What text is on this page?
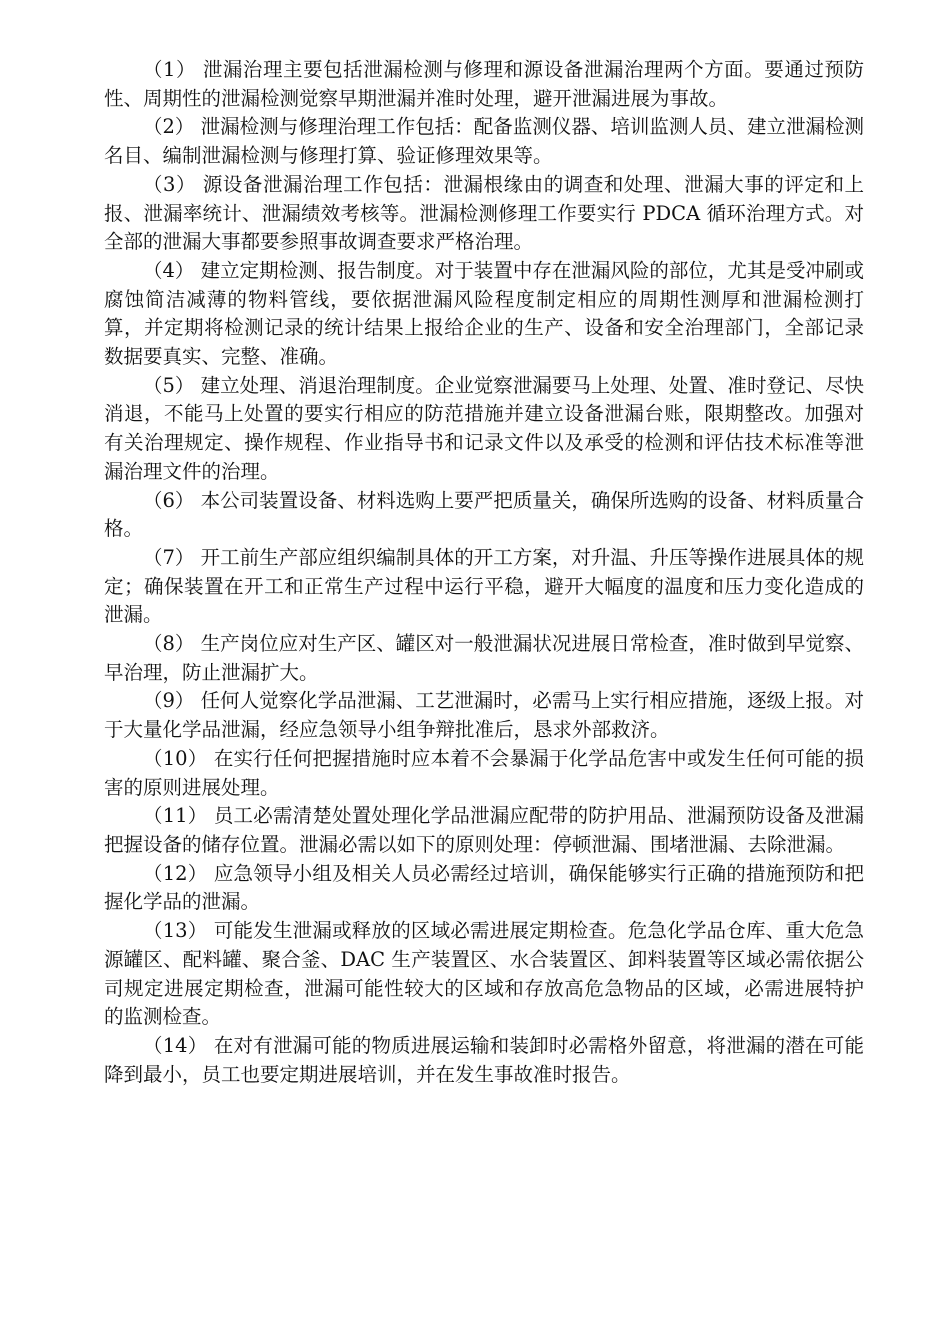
（1） 泄漏治理主要包括泄漏检测与修理和源设备泄漏治理两个方面。要通过预防性、周期性的泄漏检测觉察早期泄漏并准时处理，避开泄漏进展为事故。

（2） 泄漏检测与修理治理工作包括：配备监测仪器、培训监测人员、建立泄漏检测名目、编制泄漏检测与修理打算、验证修理效果等。

（3） 源设备泄漏治理工作包括：泄漏根缘由的调查和处理、泄漏大事的评定和上报、泄漏率统计、泄漏绩效考核等。泄漏检测修理工作要实行 PDCA 循环治理方式。对全部的泄漏大事都要参照事故调查要求严格治理。

（4） 建立定期检测、报告制度。对于装置中存在泄漏风险的部位，尤其是受冲刷或腐蚀简洁减薄的物料管线，要依据泄漏风险程度制定相应的周期性测厚和泄漏检测打算，并定期将检测记录的统计结果上报给企业的生产、设备和安全治理部门，全部记录数据要真实、完整、准确。

（5） 建立处理、消退治理制度。企业觉察泄漏要马上处理、处置、准时登记、尽快消退，不能马上处置的要实行相应的防范措施并建立设备泄漏台账，限期整改。加强对有关治理规定、操作规程、作业指导书和记录文件以及承受的检测和评估技术标准等泄漏治理文件的治理。

（6） 本公司装置设备、材料选购上要严把质量关，确保所选购的设备、材料质量合格。

（7） 开工前生产部应组织编制具体的开工方案，对升温、升压等操作进展具体的规定；确保装置在开工和正常生产过程中运行平稳，避开大幅度的温度和压力变化造成的泄漏。

（8） 生产岗位应对生产区、罐区对一般泄漏状况进展日常检查，准时做到早觉察、早治理，防止泄漏扩大。

（9） 任何人觉察化学品泄漏、工艺泄漏时，必需马上实行相应措施，逐级上报。对于大量化学品泄漏，经应急领导小组争辩批准后，恳求外部救济。

（10） 在实行任何把握措施时应本着不会暴漏于化学品危害中或发生任何可能的损害的原则进展处理。

（11） 员工必需清楚处置处理化学品泄漏应配带的防护用品、泄漏预防设备及泄漏把握设备的储存位置。泄漏必需以如下的原则处理：停顿泄漏、围堵泄漏、去除泄漏。

（12） 应急领导小组及相关人员必需经过培训，确保能够实行正确的措施预防和把握化学品的泄漏。

（13） 可能发生泄漏或释放的区域必需进展定期检查。危急化学品仓库、重大危急源罐区、配料罐、聚合釜、DAC 生产装置区、水合装置区、卸料装置等区域必需依据公司规定进展定期检查，泄漏可能性较大的区域和存放高危急物品的区域，必需进展特护的监测检查。

（14） 在对有泄漏可能的物质进展运输和装卸时必需格外留意，将泄漏的潜在可能降到最小，员工也要定期进展培训，并在发生事故准时报告。
